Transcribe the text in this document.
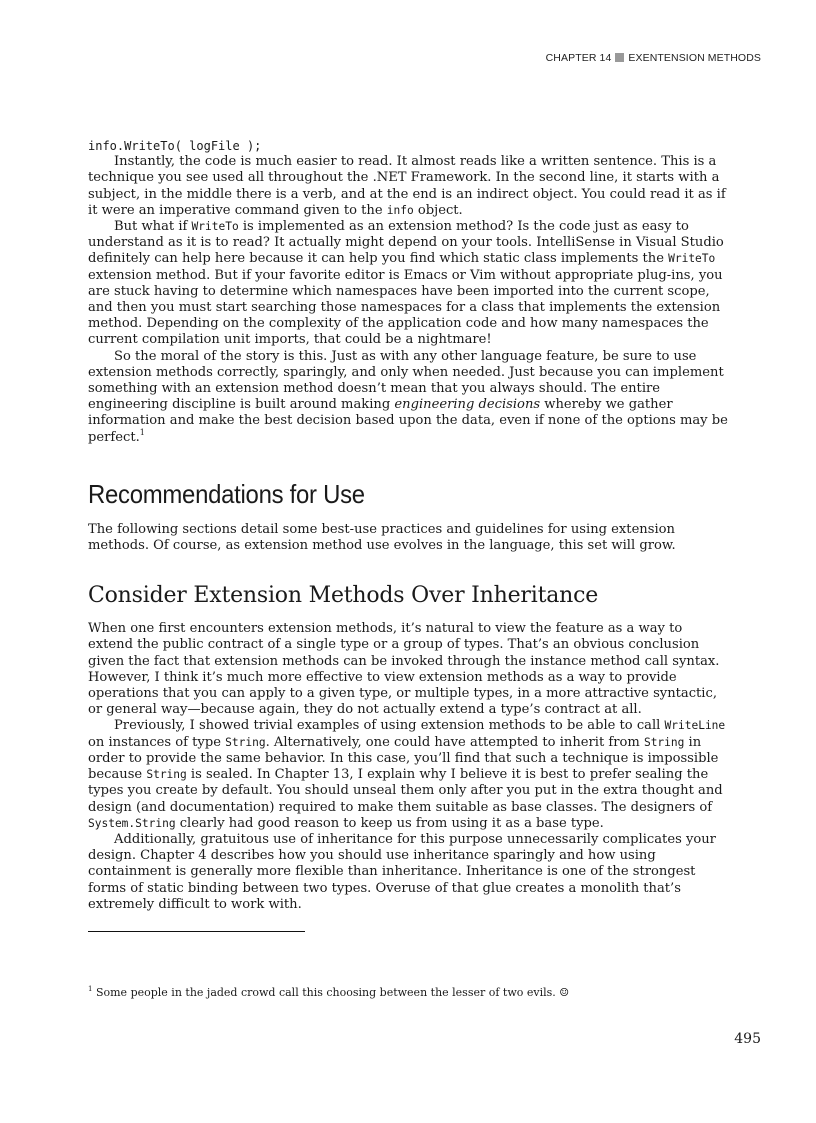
CHAPTER 14 EXENTENSION METHODS

info.WriteTo( logFile );

Instantly, the code is much easier to read. It almost reads like a written sentence. This is a technique you see used all throughout the .NET Framework. In the second line, it starts with a subject, in the middle there is a verb, and at the end is an indirect object. You could read it as if it were an imperative command given to the info object.

But what if WriteTo is implemented as an extension method? Is the code just as easy to understand as it is to read? It actually might depend on your tools. IntelliSense in Visual Studio definitely can help here because it can help you find which static class implements the WriteTo extension method. But if your favorite editor is Emacs or Vim without appropriate plug-ins, you are stuck having to determine which namespaces have been imported into the current scope, and then you must start searching those namespaces for a class that implements the extension method. Depending on the complexity of the application code and how many namespaces the current compilation unit imports, that could be a nightmare!

So the moral of the story is this. Just as with any other language feature, be sure to use extension methods correctly, sparingly, and only when needed. Just because you can implement something with an extension method doesn’t mean that you always should. The entire engineering discipline is built around making engineering decisions whereby we gather information and make the best decision based upon the data, even if none of the options may be perfect.$^1$

Recommendations for Use

The following sections detail some best-use practices and guidelines for using extension methods. Of course, as extension method use evolves in the language, this set will grow.

Consider Extension Methods Over Inheritance

When one first encounters extension methods, it’s natural to view the feature as a way to extend the public contract of a single type or a group of types. That’s an obvious conclusion given the fact that extension methods can be invoked through the instance method call syntax. However, I think it’s much more effective to view extension methods as a way to provide operations that you can apply to a given type, or multiple types, in a more attractive syntactic, or general way—because again, they do not actually extend a type’s contract at all.

Previously, I showed trivial examples of using extension methods to be able to call WriteLine on instances of type String. Alternatively, one could have attempted to inherit from String in order to provide the same behavior. In this case, you’ll find that such a technique is impossible because String is sealed. In Chapter 13, I explain why I believe it is best to prefer sealing the types you create by default. You should unseal them only after you put in the extra thought and design (and documentation) required to make them suitable as base classes. The designers of System.String clearly had good reason to keep us from using it as a base type.

Additionally, gratuitous use of inheritance for this purpose unnecessarily complicates your design. Chapter 4 describes how you should use inheritance sparingly and how using containment is generally more flexible than inheritance. Inheritance is one of the strongest forms of static binding between two types. Overuse of that glue creates a monolith that’s extremely difficult to work with.

$^1$ Some people in the jaded crowd call this choosing between the lesser of two evils. ☺
495
